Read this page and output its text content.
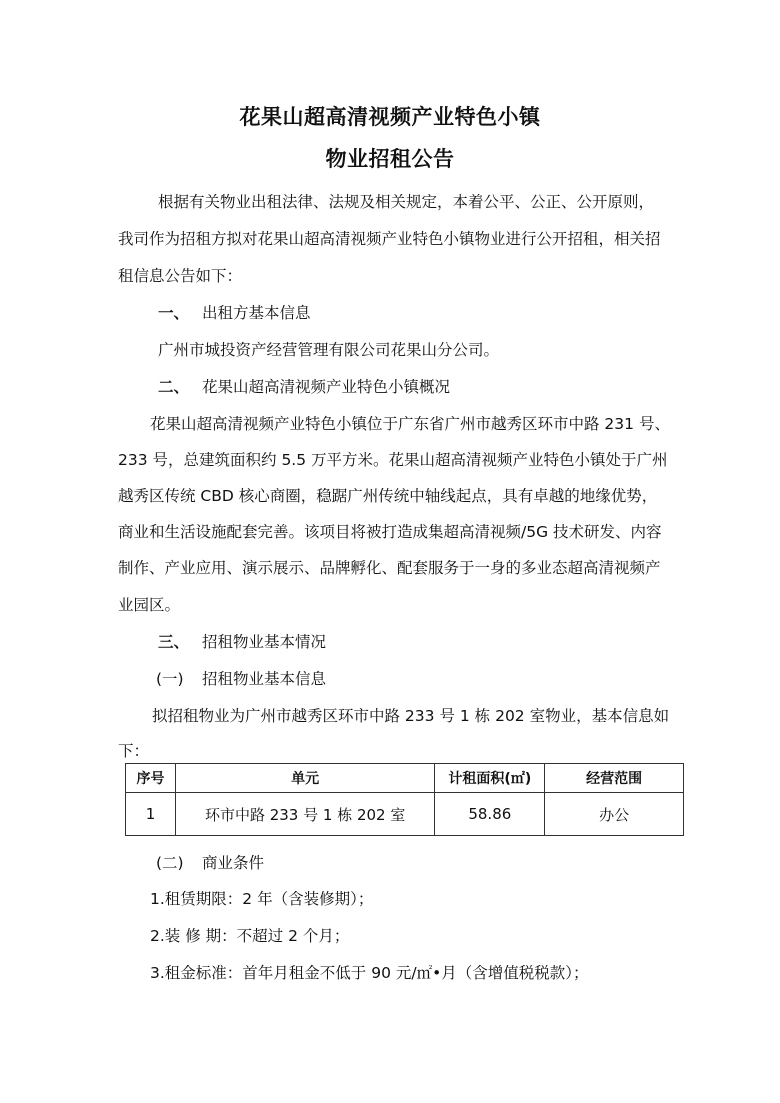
花果山超高清视频产业特色小镇
物业招租公告
根据有关物业出租法律、法规及相关规定，本着公平、公正、公开原则，
我司作为招租方拟对花果山超高清视频产业特色小镇物业进行公开招租，相关招
租信息公告如下：
一、 出租方基本信息
广州市城投资产经营管理有限公司花果山分公司。
二、 花果山超高清视频产业特色小镇概况
花果山超高清视频产业特色小镇位于广东省广州市越秀区环市中路 231 号、
233 号，总建筑面积约 5.5 万平方米。花果山超高清视频产业特色小镇处于广州
越秀区传统 CBD 核心商圈，稳踞广州传统中轴线起点，具有卓越的地缘优势，
商业和生活设施配套完善。该项目将被打造成集超高清视频/5G 技术研发、内容
制作、产业应用、演示展示、品牌孵化、配套服务于一身的多业态超高清视频产
业园区。
三、 招租物业基本情况
(一) 招租物业基本信息
拟招租物业为广州市越秀区环市中路 233 号 1 栋 202 室物业，基本信息如
下：
序号	单元	计租面积(㎡)	经营范围
1	环市中路 233 号 1 栋 202 室	58.86	办公
(二) 商业条件
1.租赁期限：2 年（含装修期）；
2.装 修 期：不超过 2 个月；
3.租金标准：首年月租金不低于 90 元/㎡•月（含增值税税款）；
